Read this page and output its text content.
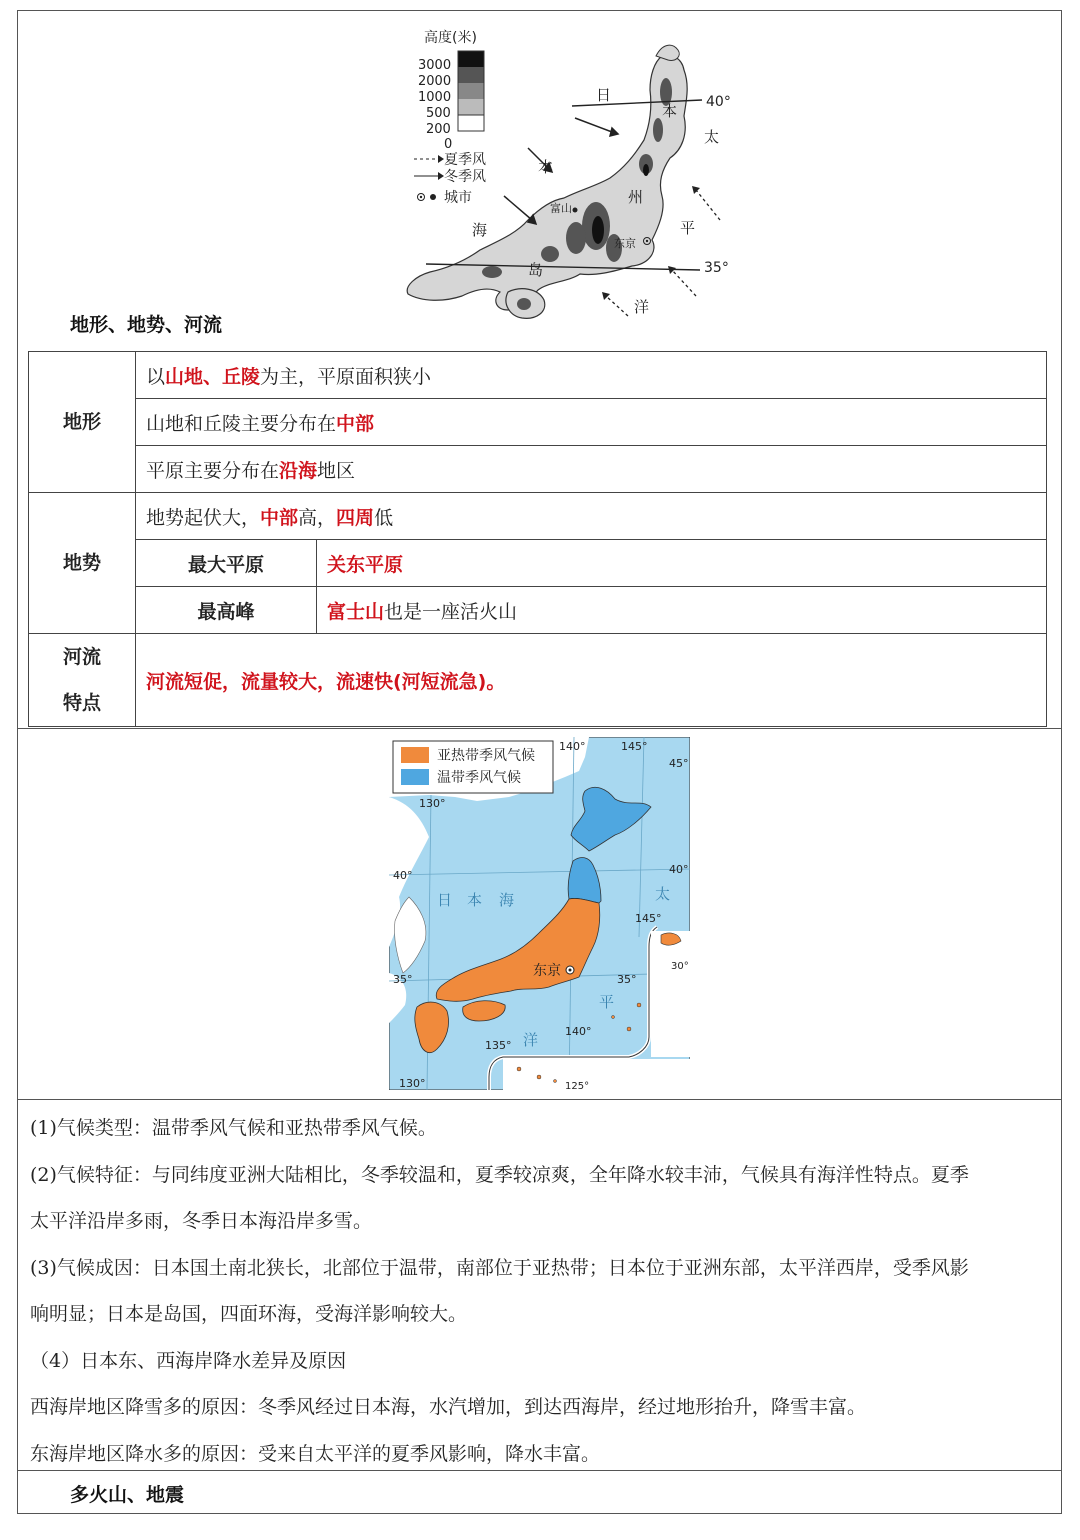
高度(米)
3000
2000
1000
500
200
0
夏季风
冬季风
城市
日
本
海
岛
本
州
太
平
洋
富山
东京
40°
35°
地形、地势、河流
地形	以山地、丘陵为主，平原面积狭小	
	山地和丘陵主要分布在中部	
	平原主要分布在沿海地区	
地势	地势起伏大，中部高，四周低	
	最大平原	关东平原
	最高峰	富士山也是一座活火山
河流
特点	河流短促，流量较大，流速快(河短流急)。	
亚热带季风气候
温带季风气候
130°
140°	145°
45°
40°	40°
35°	35°
145°
30°
140°
135°
130°	125°
日 本 海	太
平
洋
东京

(1)气候类型：温带季风气候和亚热带季风气候。

(2)气候特征：与同纬度亚洲大陆相比，冬季较温和，夏季较凉爽，全年降水较丰沛，气候具有海洋性特点。夏季

太平洋沿岸多雨，冬季日本海沿岸多雪。

(3)气候成因：日本国土南北狭长，北部位于温带，南部位于亚热带；日本位于亚洲东部，太平洋西岸，受季风影

响明显；日本是岛国，四面环海，受海洋影响较大。

（4）日本东、西海岸降水差异及原因

西海岸地区降雪多的原因：冬季风经过日本海，水汽增加，到达西海岸，经过地形抬升，降雪丰富。

东海岸地区降水多的原因：受来自太平洋的夏季风影响，降水丰富。

多火山、地震
